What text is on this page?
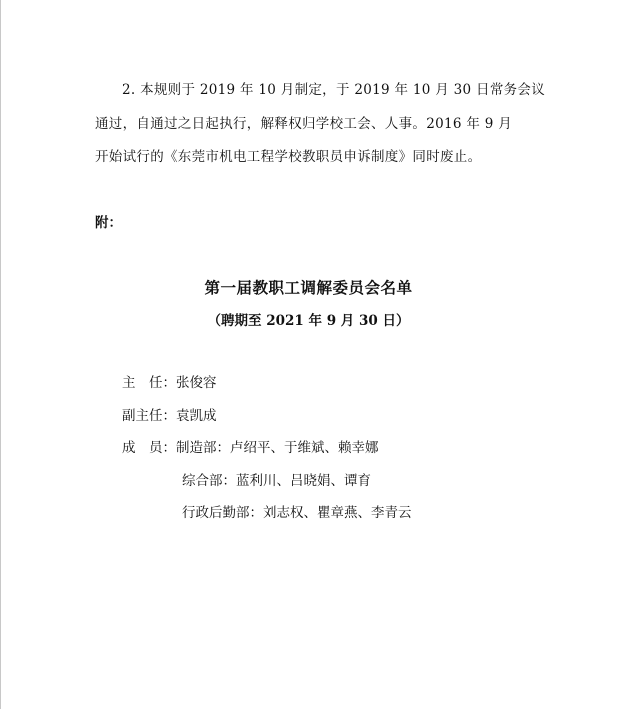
2. 本规则于 2019 年 10 月制定，于 2019 年 10 月 30 日常务会议
通过，自通过之日起执行，解释权归学校工会、人事。2016 年 9 月
开始试行的《东莞市机电工程学校教职员申诉制度》同时废止。
附：
第一届教职工调解委员会名单
（聘期至 2021 年 9 月 30 日）
主　任：张俊容
副主任：袁凯成
成　员：制造部：卢绍平、于维斌、赖幸娜
综合部：蓝利川、吕晓娟、谭育
行政后勤部：刘志权、瞿章燕、李青云
